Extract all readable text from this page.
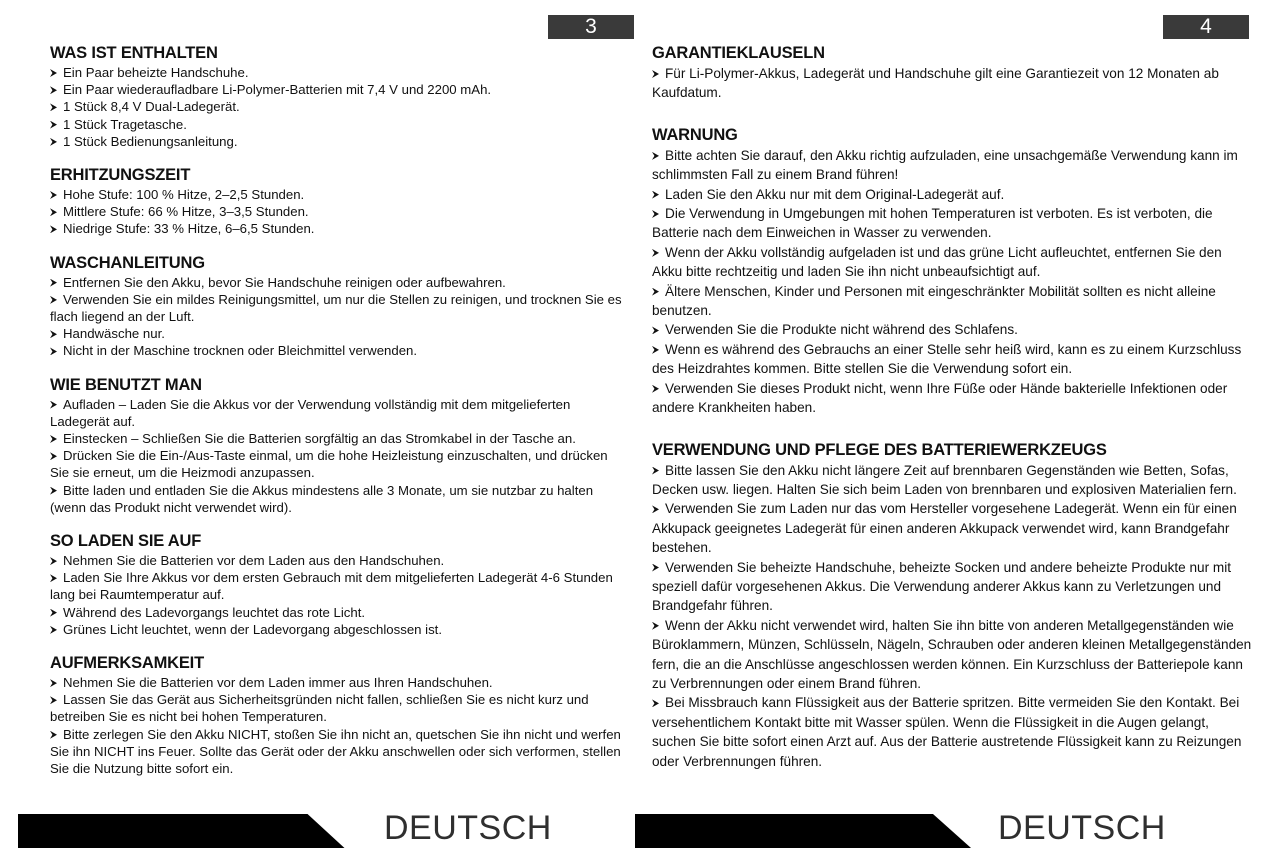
3
WAS IST ENTHALTEN
Ein Paar beheizte Handschuhe.
Ein Paar wiederaufladbare Li-Polymer-Batterien mit 7,4 V und 2200 mAh.
1 Stück 8,4 V Dual-Ladegerät.
1 Stück Tragetasche.
1 Stück Bedienungsanleitung.
ERHITZUNGSZEIT
Hohe Stufe: 100 % Hitze, 2–2,5 Stunden.
Mittlere Stufe: 66 % Hitze, 3–3,5 Stunden.
Niedrige Stufe: 33 % Hitze, 6–6,5 Stunden.
WASCHANLEITUNG
Entfernen Sie den Akku, bevor Sie Handschuhe reinigen oder aufbewahren.
Verwenden Sie ein mildes Reinigungsmittel, um nur die Stellen zu reinigen, und trocknen Sie es flach liegend an der Luft.
Handwäsche nur.
Nicht in der Maschine trocknen oder Bleichmittel verwenden.
WIE BENUTZT MAN
Aufladen – Laden Sie die Akkus vor der Verwendung vollständig mit dem mitgelieferten Ladegerät auf.
Einstecken – Schließen Sie die Batterien sorgfältig an das Stromkabel in der Tasche an.
Drücken Sie die Ein-/Aus-Taste einmal, um die hohe Heizleistung einzuschalten, und drücken Sie sie erneut, um die Heizmodi anzupassen.
Bitte laden und entladen Sie die Akkus mindestens alle 3 Monate, um sie nutzbar zu halten (wenn das Produkt nicht verwendet wird).
SO LADEN SIE AUF
Nehmen Sie die Batterien vor dem Laden aus den Handschuhen.
Laden Sie Ihre Akkus vor dem ersten Gebrauch mit dem mitgelieferten Ladegerät 4-6 Stunden lang bei Raumtemperatur auf.
Während des Ladevorgangs leuchtet das rote Licht.
Grünes Licht leuchtet, wenn der Ladevorgang abgeschlossen ist.
AUFMERKSAMKEIT
Nehmen Sie die Batterien vor dem Laden immer aus Ihren Handschuhen.
Lassen Sie das Gerät aus Sicherheitsgründen nicht fallen, schließen Sie es nicht kurz und betreiben Sie es nicht bei hohen Temperaturen.
Bitte zerlegen Sie den Akku NICHT, stoßen Sie ihn nicht an, quetschen Sie ihn nicht und werfen Sie ihn NICHT ins Feuer. Sollte das Gerät oder der Akku anschwellen oder sich verformen, stellen Sie die Nutzung bitte sofort ein.
DEUTSCH
4
GARANTIEKLAUSELN
Für Li-Polymer-Akkus, Ladegerät und Handschuhe gilt eine Garantiezeit von 12 Monaten ab Kaufdatum.
WARNUNG
Bitte achten Sie darauf, den Akku richtig aufzuladen, eine unsachgemäße Verwendung kann im schlimmsten Fall zu einem Brand führen!
Laden Sie den Akku nur mit dem Original-Ladegerät auf.
Die Verwendung in Umgebungen mit hohen Temperaturen ist verboten. Es ist verboten, die Batterie nach dem Einweichen in Wasser zu verwenden.
Wenn der Akku vollständig aufgeladen ist und das grüne Licht aufleuchtet, entfernen Sie den Akku bitte rechtzeitig und laden Sie ihn nicht unbeaufsichtigt auf.
Ältere Menschen, Kinder und Personen mit eingeschränkter Mobilität sollten es nicht alleine benutzen.
Verwenden Sie die Produkte nicht während des Schlafens.
Wenn es während des Gebrauchs an einer Stelle sehr heiß wird, kann es zu einem Kurzschluss des Heizdrahtes kommen. Bitte stellen Sie die Verwendung sofort ein.
Verwenden Sie dieses Produkt nicht, wenn Ihre Füße oder Hände bakterielle Infektionen oder andere Krankheiten haben.
VERWENDUNG UND PFLEGE DES BATTERIEWERKZEUGS
Bitte lassen Sie den Akku nicht längere Zeit auf brennbaren Gegenständen wie Betten, Sofas, Decken usw. liegen. Halten Sie sich beim Laden von brennbaren und explosiven Materialien fern.
Verwenden Sie zum Laden nur das vom Hersteller vorgesehene Ladegerät. Wenn ein für einen Akkupack geeignetes Ladegerät für einen anderen Akkupack verwendet wird, kann Brandgefahr bestehen.
Verwenden Sie beheizte Handschuhe, beheizte Socken und andere beheizte Produkte nur mit speziell dafür vorgesehenen Akkus. Die Verwendung anderer Akkus kann zu Verletzungen und Brandgefahr führen.
Wenn der Akku nicht verwendet wird, halten Sie ihn bitte von anderen Metallgegenständen wie Büroklammern, Münzen, Schlüsseln, Nägeln, Schrauben oder anderen kleinen Metallgegenständen fern, die an die Anschlüsse angeschlossen werden können. Ein Kurzschluss der Batteriepole kann zu Verbrennungen oder einem Brand führen.
Bei Missbrauch kann Flüssigkeit aus der Batterie spritzen. Bitte vermeiden Sie den Kontakt. Bei versehentlichem Kontakt bitte mit Wasser spülen. Wenn die Flüssigkeit in die Augen gelangt, suchen Sie bitte sofort einen Arzt auf. Aus der Batterie austretende Flüssigkeit kann zu Reizungen oder Verbrennungen führen.
DEUTSCH
